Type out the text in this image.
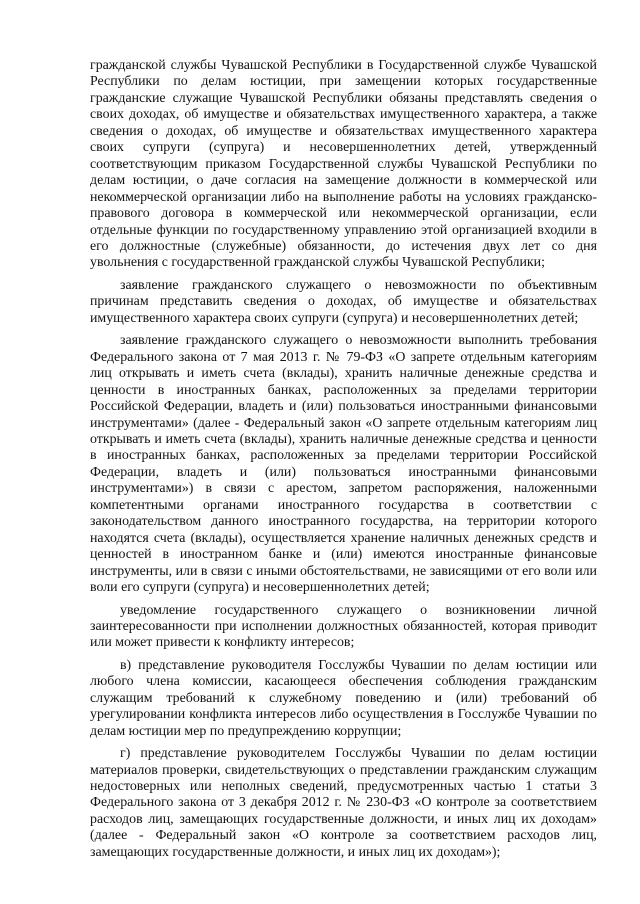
гражданской службы Чувашской Республики в Государственной службе Чувашской Республики по делам юстиции, при замещении которых государственные гражданские служащие Чувашской Республики обязаны представлять сведения о своих доходах, об имуществе и обязательствах имущественного характера, а также сведения о доходах, об имуществе и обязательствах имущественного характера своих супруги (супруга) и несовершеннолетних детей, утвержденный соответствующим приказом Государственной службы Чувашской Республики по делам юстиции, о даче согласия на замещение должности в коммерческой или некоммерческой организации либо на выполнение работы на условиях гражданско-правового договора в коммерческой или некоммерческой организации, если отдельные функции по государственному управлению этой организацией входили в его должностные (служебные) обязанности, до истечения двух лет со дня увольнения с государственной гражданской службы Чувашской Республики;

заявление гражданского служащего о невозможности по объективным причинам представить сведения о доходах, об имуществе и обязательствах имущественного характера своих супруги (супруга) и несовершеннолетних детей;

заявление гражданского служащего о невозможности выполнить требования Федерального закона от 7 мая 2013 г. № 79-ФЗ «О запрете отдельным категориям лиц открывать и иметь счета (вклады), хранить наличные денежные средства и ценности в иностранных банках, расположенных за пределами территории Российской Федерации, владеть и (или) пользоваться иностранными финансовыми инструментами» (далее - Федеральный закон «О запрете отдельным категориям лиц открывать и иметь счета (вклады), хранить наличные денежные средства и ценности в иностранных банках, расположенных за пределами территории Российской Федерации, владеть и (или) пользоваться иностранными финансовыми инструментами») в связи с арестом, запретом распоряжения, наложенными компетентными органами иностранного государства в соответствии с законодательством данного иностранного государства, на территории которого находятся счета (вклады), осуществляется хранение наличных денежных средств и ценностей в иностранном банке и (или) имеются иностранные финансовые инструменты, или в связи с иными обстоятельствами, не зависящими от его воли или воли его супруги (супруга) и несовершеннолетних детей;

уведомление государственного служащего о возникновении личной заинтересованности при исполнении должностных обязанностей, которая приводит или может привести к конфликту интересов;

в) представление руководителя Госслужбы Чувашии по делам юстиции или любого члена комиссии, касающееся обеспечения соблюдения гражданским служащим требований к служебному поведению и (или) требований об урегулировании конфликта интересов либо осуществления в Госслужбе Чувашии по делам юстиции мер по предупреждению коррупции;

г) представление руководителем Госслужбы Чувашии по делам юстиции материалов проверки, свидетельствующих о представлении гражданским служащим недостоверных или неполных сведений, предусмотренных частью 1 статьи 3 Федерального закона от 3 декабря 2012 г. № 230-ФЗ «О контроле за соответствием расходов лиц, замещающих государственные должности, и иных лиц их доходам» (далее - Федеральный закон «О контроле за соответствием расходов лиц, замещающих государственные должности, и иных лиц их доходам»);
